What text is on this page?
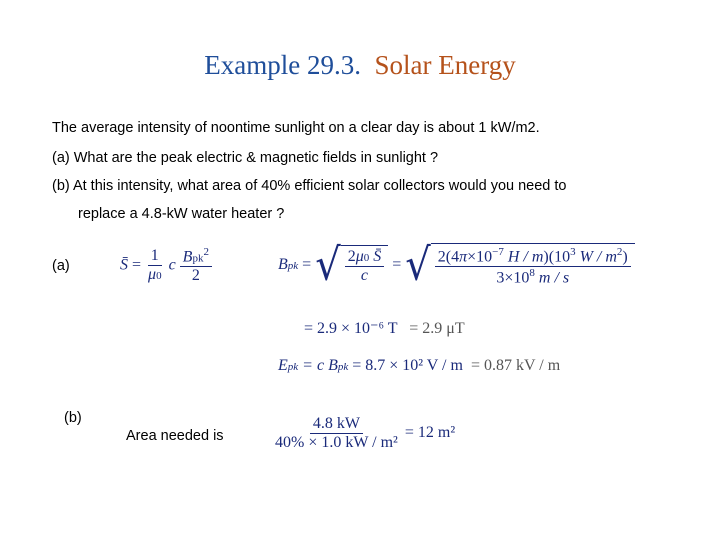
Example 29.3. Solar Energy
The average intensity of noontime sunlight on a clear day is about 1 kW/m2.
(a) What are the peak electric & magnetic fields in sunlight ?
(b) At this intensity, what area of 40% efficient solar collectors would you need to
replace a 4.8-kW water heater ?
(a)	S̄ = $\frac{1}{\mu 0}$ c $\frac{Bpk^2}{2}$	Bpk = √ $\frac{2\mu 0 S̄}{c}$ = √ $\frac{2(4\pi\times 10^{-7} H / m)(10^3 W / m^2)}{3\times 10^8 m / s}$
= 2.9 × 10⁻⁶ T = 2.9 μT
Epk = c Bpk = 8.7 × 10² V / m = 0.87 kV / m
(b)
Area needed is	$\frac{4.8 kW}{\text{40\% × 1.0 kW / m²}} = 12$ m²
